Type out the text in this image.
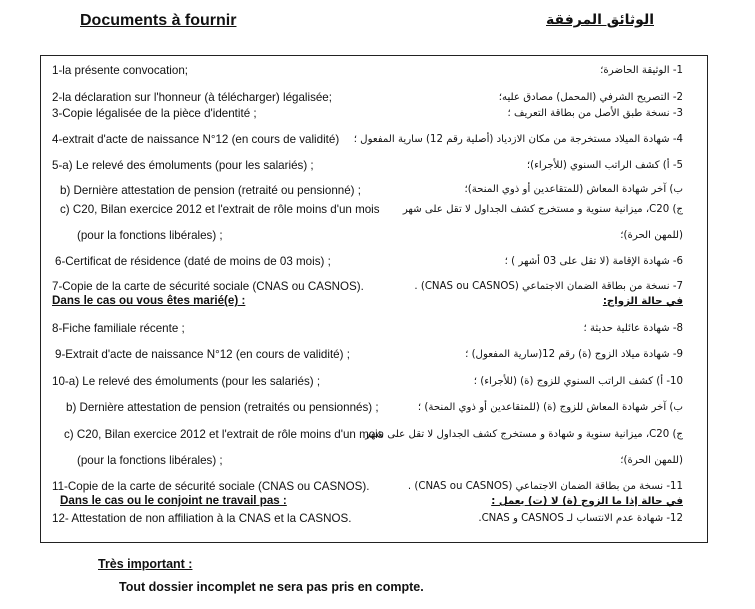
Documents à fournir	الوثائق المرفقة
1-la présente convocation;
2-la déclaration sur l'honneur (à télécharger) légalisée;
3-Copie légalisée de la pièce d'identité ;
4-extrait d'acte de naissance N°12 (en cours de validité)
5-a) Le relevé des émoluments (pour les salariés) ;
b) Dernière attestation de pension (retraité ou pensionné) ;
c) C20, Bilan exercice 2012 et l'extrait de rôle moins d'un mois
(pour la fonctions libérales) ;
6-Certificat de résidence (daté de moins de 03 mois) ;
7-Copie de la carte de sécurité sociale (CNAS ou CASNOS).
Dans le cas ou vous êtes marié(e) :
8-Fiche familiale récente ;
9-Extrait d'acte de naissance N°12 (en cours de validité) ;
10-a) Le relevé des émoluments (pour les salariés) ;
b) Dernière attestation de pension (retraités ou pensionnés) ;
c) C20, Bilan exercice 2012 et l'extrait de rôle moins d'un mois
(pour la fonctions libérales) ;
11-Copie de la carte de sécurité sociale (CNAS ou CASNOS).
Dans le cas ou le conjoint ne travail pas :
12- Attestation de non affiliation à la CNAS et la CASNOS.
1- الوثيقة الحاضرة؛
2- التصريح الشرفي (المحمل) مصادق عليه؛
3- نسخة طبق الأصل من بطاقة التعريف ؛
4- شهادة الميلاد مستخرجة من مكان الازدياد (أصلية رقم 12) سارية المفعول ؛
5- أ) كشف الراتب السنوي (للأجراء)؛
ب) آخر شهادة المعاش (للمتقاعدين أو ذوي المنحة)؛
ج) C20، ميزانية سنوية و مستخرج كشف الجداول لا تقل على شهر
(للمهن الحرة)؛
6- شهادة الإقامة (لا تقل على 03 أشهر ) ؛
7- نسخة من بطاقة الضمان الاجتماعي (CNAS ou CASNOS) .
في حالة الزواج:
8- شهادة عائلية حديثة ؛
9- شهادة ميلاد الزوج (ة) رقم 12(سارية المفعول) ؛
10- أ) كشف الراتب السنوي للزوج (ة) (للأجراء) ؛
ب) آخر شهادة المعاش للزوج (ة) (للمتقاعدين أو ذوي المنحة) ؛
ج) C20، ميزانية سنوية و شهادة و مستخرج كشف الجداول لا تقل على شهر
(للمهن الحرة)؛
11- نسخة من بطاقة الضمان الاجتماعي (CNAS ou CASNOS) .
في حالة إذا ما الزوج (ة) لا (ت) يعمل :
12- شهادة عدم الانتساب لـ CASNOS و CNAS.
Très important :
Tout dossier incomplet ne sera pas pris en compte.
